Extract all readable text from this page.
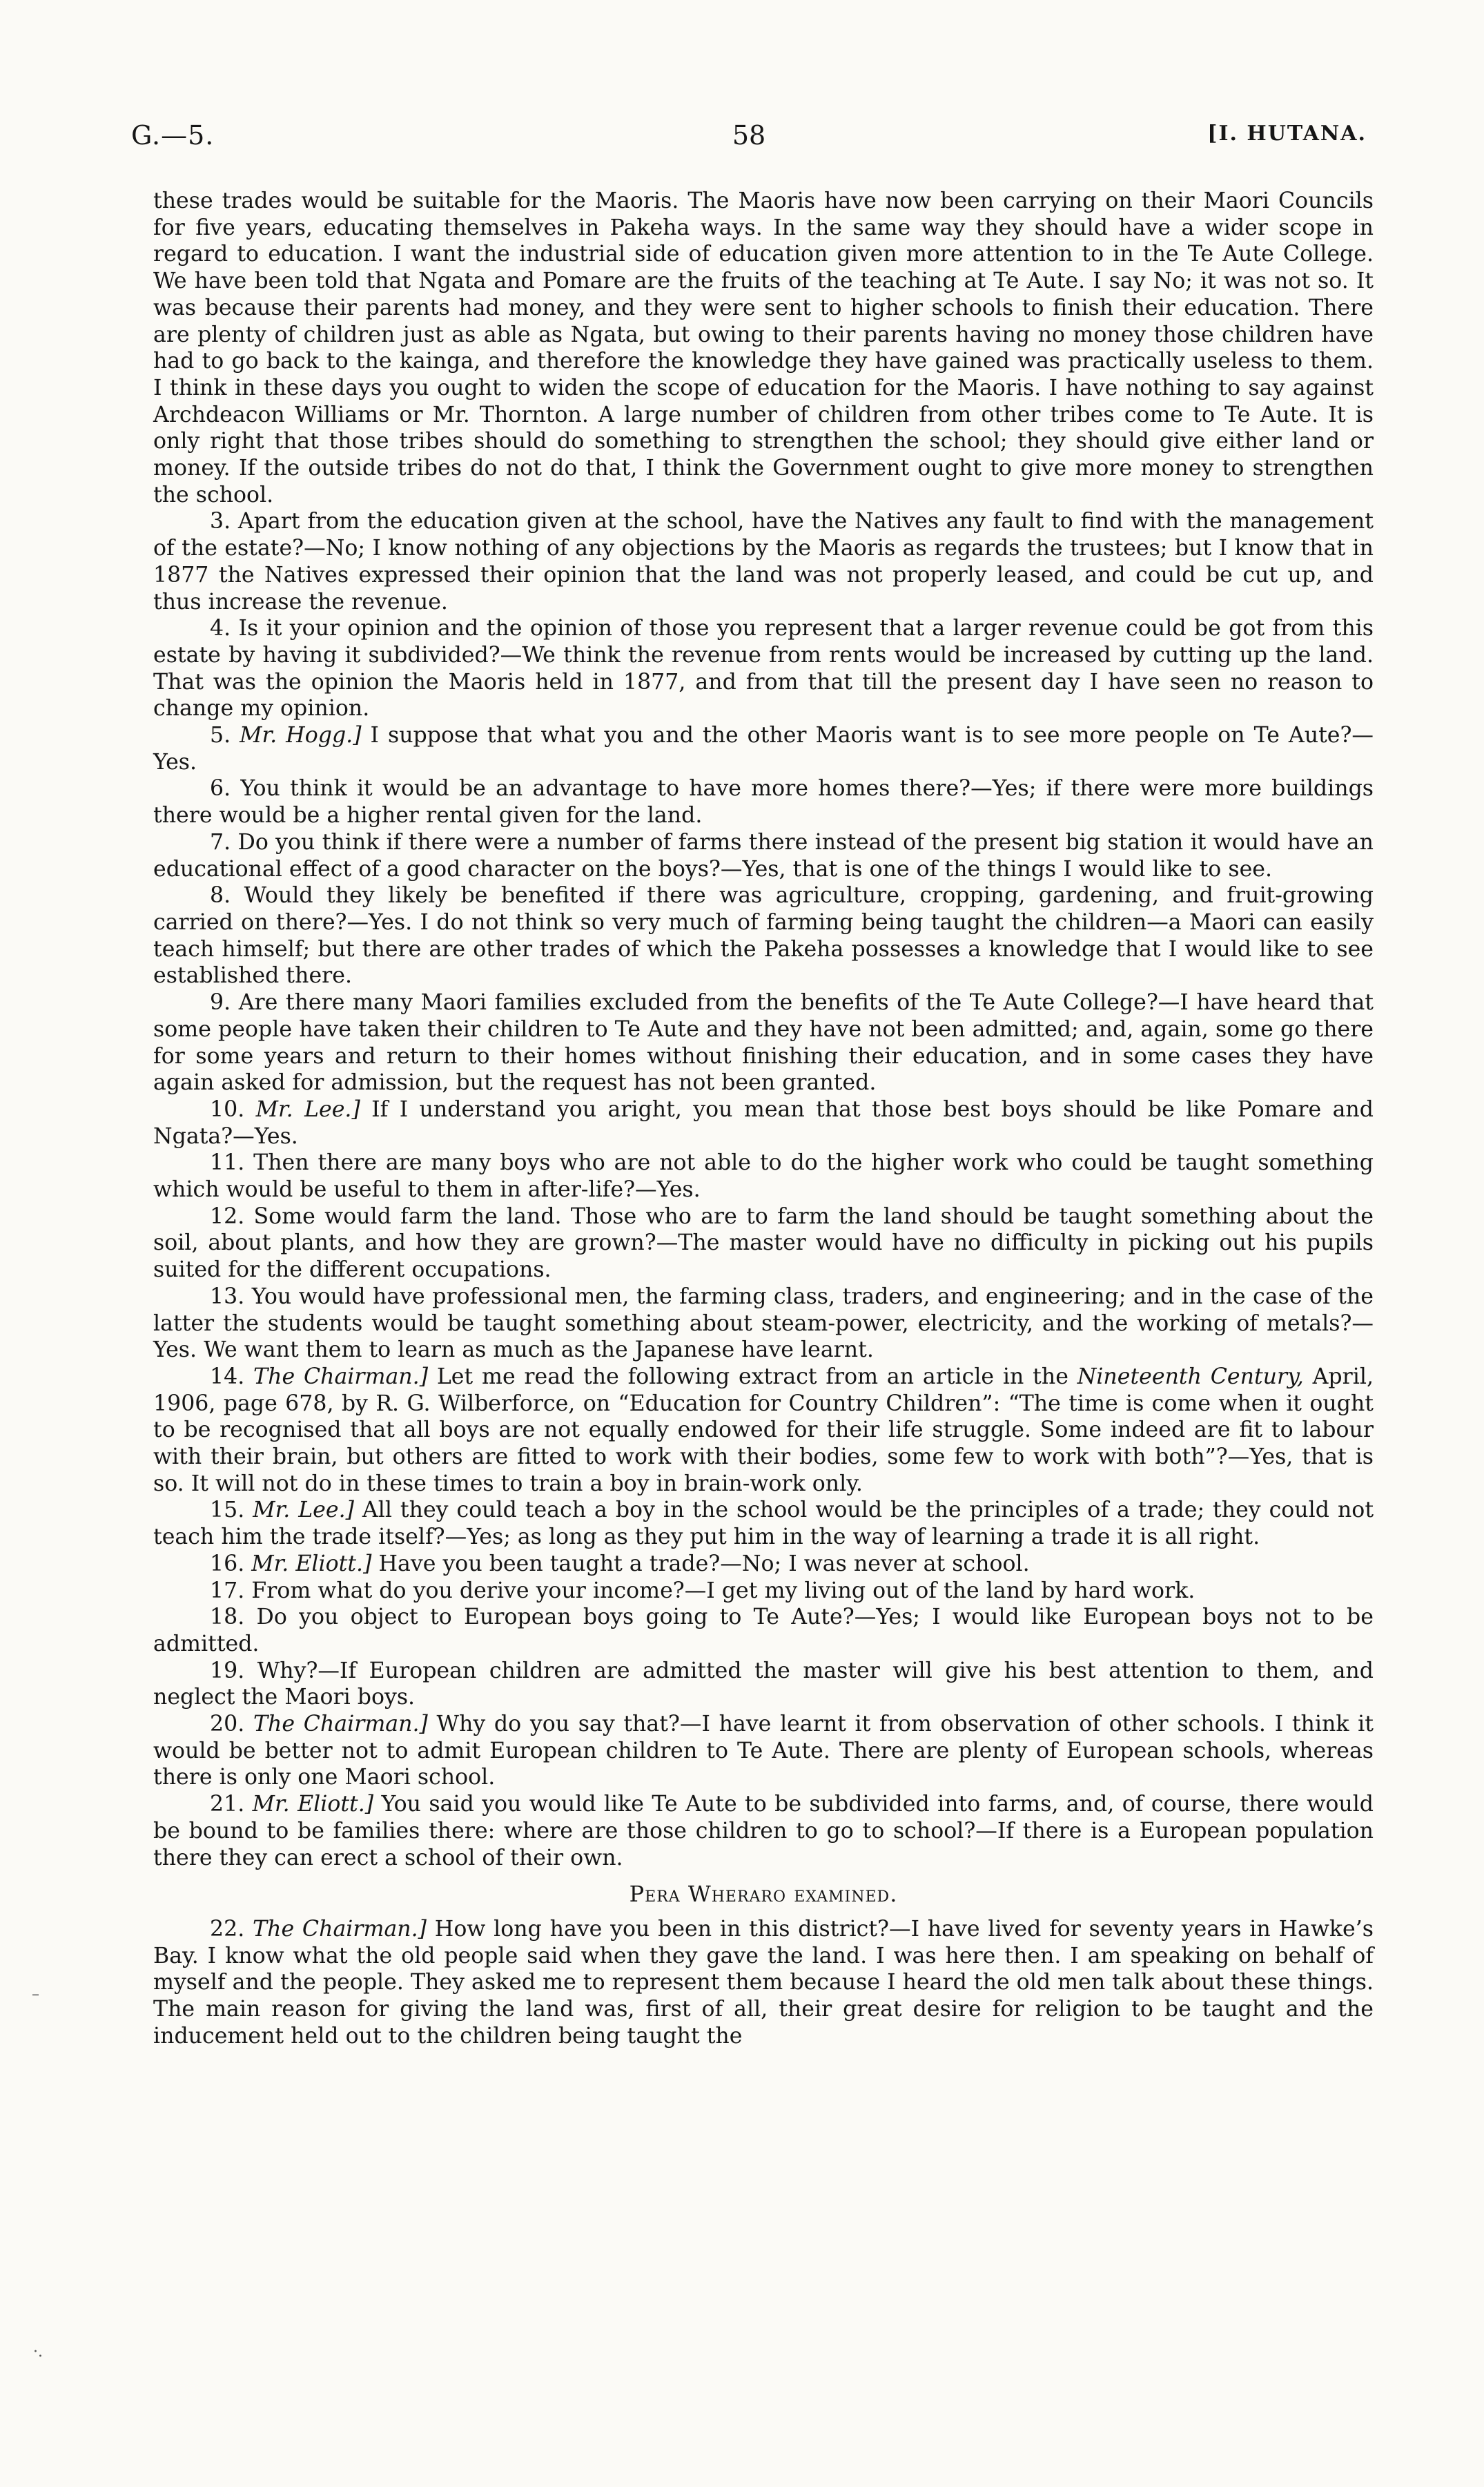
G.—5.	58	[I. HUTANA.

these trades would be suitable for the Maoris. The Maoris have now been carrying on their Maori Councils for five years, educating themselves in Pakeha ways. In the same way they should have a wider scope in regard to education. I want the industrial side of education given more attention to in the Te Aute College. We have been told that Ngata and Pomare are the fruits of the teaching at Te Aute. I say No; it was not so. It was because their parents had money, and they were sent to higher schools to finish their education. There are plenty of children just as able as Ngata, but owing to their parents having no money those children have had to go back to the kainga, and therefore the knowledge they have gained was practically useless to them. I think in these days you ought to widen the scope of education for the Maoris. I have nothing to say against Archdeacon Williams or Mr. Thornton. A large number of children from other tribes come to Te Aute. It is only right that those tribes should do something to strengthen the school; they should give either land or money. If the outside tribes do not do that, I think the Government ought to give more money to strengthen the school.

3. Apart from the education given at the school, have the Natives any fault to find with the management of the estate?—No; I know nothing of any objections by the Maoris as regards the trustees; but I know that in 1877 the Natives expressed their opinion that the land was not properly leased, and could be cut up, and thus increase the revenue.

4. Is it your opinion and the opinion of those you represent that a larger revenue could be got from this estate by having it subdivided?—We think the revenue from rents would be increased by cutting up the land. That was the opinion the Maoris held in 1877, and from that till the present day I have seen no reason to change my opinion.

5. Mr. Hogg.] I suppose that what you and the other Maoris want is to see more people on Te Aute?—Yes.

6. You think it would be an advantage to have more homes there?—Yes; if there were more buildings there would be a higher rental given for the land.

7. Do you think if there were a number of farms there instead of the present big station it would have an educational effect of a good character on the boys?—Yes, that is one of the things I would like to see.

8. Would they likely be benefited if there was agriculture, cropping, gardening, and fruit-growing carried on there?—Yes. I do not think so very much of farming being taught the children—a Maori can easily teach himself; but there are other trades of which the Pakeha possesses a knowledge that I would like to see established there.

9. Are there many Maori families excluded from the benefits of the Te Aute College?—I have heard that some people have taken their children to Te Aute and they have not been admitted; and, again, some go there for some years and return to their homes without finishing their education, and in some cases they have again asked for admission, but the request has not been granted.

10. Mr. Lee.] If I understand you aright, you mean that those best boys should be like Pomare and Ngata?—Yes.

11. Then there are many boys who are not able to do the higher work who could be taught something which would be useful to them in after-life?—Yes.

12. Some would farm the land. Those who are to farm the land should be taught something about the soil, about plants, and how they are grown?—The master would have no difficulty in picking out his pupils suited for the different occupations.

13. You would have professional men, the farming class, traders, and engineering; and in the case of the latter the students would be taught something about steam-power, electricity, and the working of metals?—Yes. We want them to learn as much as the Japanese have learnt.

14. The Chairman.] Let me read the following extract from an article in the Nineteenth Century, April, 1906, page 678, by R. G. Wilberforce, on “Education for Country Children”: “The time is come when it ought to be recognised that all boys are not equally endowed for their life struggle. Some indeed are fit to labour with their brain, but others are fitted to work with their bodies, some few to work with both”?—Yes, that is so. It will not do in these times to train a boy in brain-work only.

15. Mr. Lee.] All they could teach a boy in the school would be the principles of a trade; they could not teach him the trade itself?—Yes; as long as they put him in the way of learning a trade it is all right.

16. Mr. Eliott.] Have you been taught a trade?—No; I was never at school.

17. From what do you derive your income?—I get my living out of the land by hard work.

18. Do you object to European boys going to Te Aute?—Yes; I would like European boys not to be admitted.

19. Why?—If European children are admitted the master will give his best attention to them, and neglect the Maori boys.

20. The Chairman.] Why do you say that?—I have learnt it from observation of other schools. I think it would be better not to admit European children to Te Aute. There are plenty of European schools, whereas there is only one Maori school.

21. Mr. Eliott.] You said you would like Te Aute to be subdivided into farms, and, of course, there would be bound to be families there: where are those children to go to school?—If there is a European population there they can erect a school of their own.

Pera Wheraro examined.

22. The Chairman.] How long have you been in this district?—I have lived for seventy years in Hawke’s Bay. I know what the old people said when they gave the land. I was here then. I am speaking on behalf of myself and the people. They asked me to represent them because I heard the old men talk about these things. The main reason for giving the land was, first of all, their great desire for religion to be taught and the inducement held out to the children being taught the

–
·.
